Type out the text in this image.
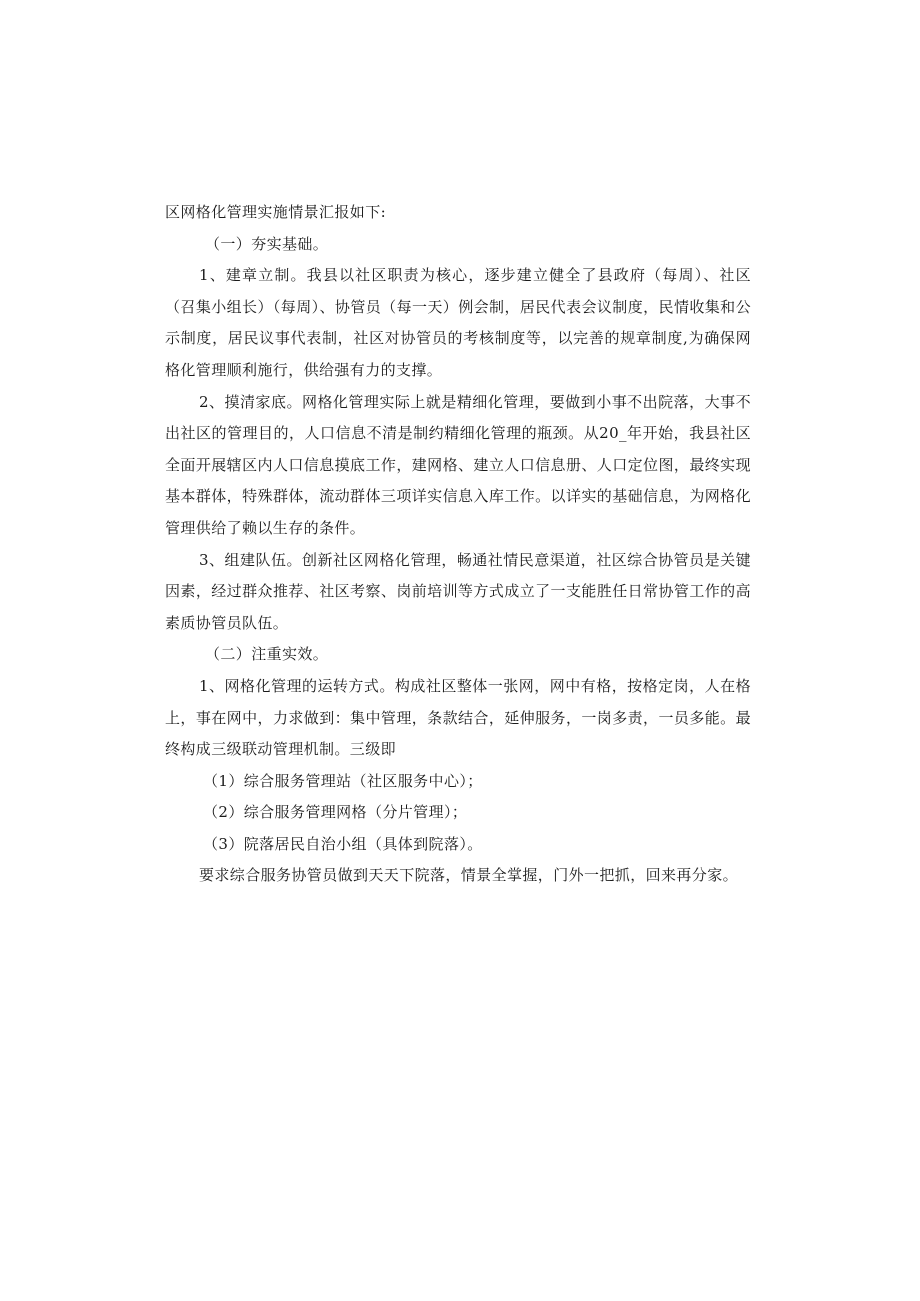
区网格化管理实施情景汇报如下:

（一）夯实基础。

1、建章立制。我县以社区职责为核心，逐步建立健全了县政府（每周）、社区（召集小组长）（每周）、协管员（每一天）例会制，居民代表会议制度，民情收集和公示制度，居民议事代表制，社区对协管员的考核制度等，以完善的规章制度,为确保网格化管理顺利施行，供给强有力的支撑。

2、摸清家底。网格化管理实际上就是精细化管理，要做到小事不出院落，大事不出社区的管理目的，人口信息不清是制约精细化管理的瓶颈。从20_年开始，我县社区全面开展辖区内人口信息摸底工作，建网格、建立人口信息册、人口定位图，最终实现基本群体，特殊群体，流动群体三项详实信息入库工作。以详实的基础信息，为网格化管理供给了赖以生存的条件。

3、组建队伍。创新社区网格化管理，畅通社情民意渠道，社区综合协管员是关键因素，经过群众推荐、社区考察、岗前培训等方式成立了一支能胜任日常协管工作的高素质协管员队伍。

（二）注重实效。

1、网格化管理的运转方式。构成社区整体一张网，网中有格，按格定岗，人在格上，事在网中，力求做到：集中管理，条款结合，延伸服务，一岗多责，一员多能。最终构成三级联动管理机制。三级即

（1）综合服务管理站（社区服务中心）；

（2）综合服务管理网格（分片管理）；

（3）院落居民自治小组（具体到院落）。

要求综合服务协管员做到天天下院落，情景全掌握，门外一把抓，回来再分家。
